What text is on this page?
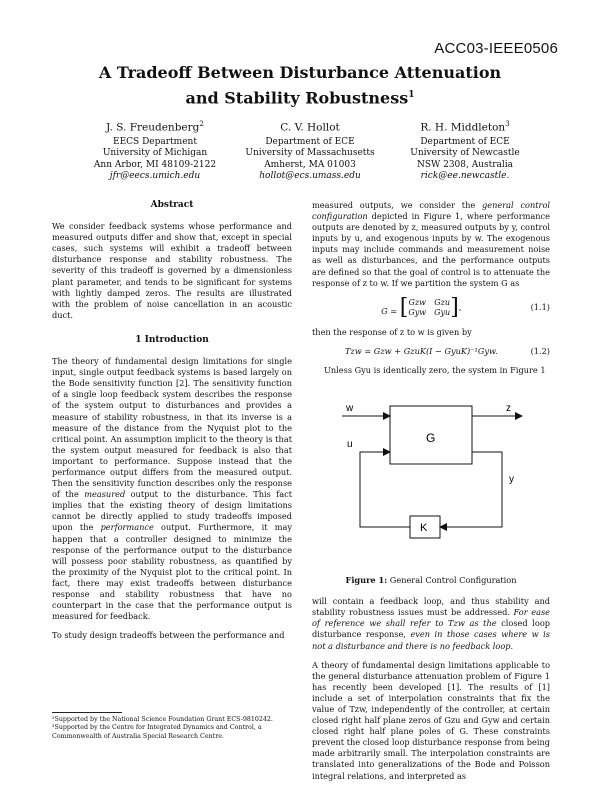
ACC03-IEEE0506
A Tradeoff Between Disturbance Attenuation
and Stability Robustness$^1$
J. S. Freudenberg$^2$
EECS Department
University of Michigan
Ann Arbor, MI 48109-2122
jfr@eecs.umich.edu
C. V. Hollot
Department of ECE
University of Massachusetts
Amherst, MA 01003
hollot@ecs.umass.edu
R. H. Middleton$^3$
Department of ECE
University of Newcastle
NSW 2308, Australia
rick@ee.newcastle.
Abstract

We consider feedback systems whose performance and measured outputs differ and show that, except in special cases, such systems will exhibit a tradeoff between disturbance response and stability robustness. The severity of this tradeoff is governed by a dimensionless plant parameter, and tends to be significant for systems with lightly damped zeros. The results are illustrated with the problem of noise cancellation in an acoustic duct.

1 Introduction

The theory of fundamental design limitations for single input, single output feedback systems is based largely on the Bode sensitivity function [2]. The sensitivity function of a single loop feedback system describes the response of the system output to disturbances and provides a measure of stability robustness, in that its inverse is a measure of the distance from the Nyquist plot to the critical point. An assumption implicit to the theory is that the system output measured for feedback is also that important to performance. Suppose instead that the performance output differs from the measured output. Then the sensitivity function describes only the response of the measured output to the disturbance. This fact implies that the existing theory of design limitations cannot be directly applied to study tradeoffs imposed upon the performance output. Furthermore, it may happen that a controller designed to minimize the response of the performance output to the disturbance will possess poor stability robustness, as quantified by the proximity of the Nyquist plot to the critical point. In fact, there may exist tradeoffs between disturbance response and stability robustness that have no counterpart in the case that the performance output is measured for feedback.

To study design tradeoffs between the performance and

measured outputs, we consider the general control configuration depicted in Figure 1, where performance outputs are denoted by z, measured outputs by y, control inputs by u, and exogenous inputs by w. The exogenous inputs may include commands and measurement noise as well as disturbances, and the performance outputs are defined so that the goal of control is to attenuate the response of z to w. If we partition the system G as

G = [ Gzw Gzu
Gyw Gyu ] ,	(1.1)

then the response of z to w is given by

Tzw = Gzw + GzuK(I − GyuK)⁻¹Gyw.	(1.2)

Unless Gyu is identically zero, the system in Figure 1

w	z
u
y
G
K
Figure 1: General Control Configuration

will contain a feedback loop, and thus stability and stability robustness issues must be addressed. For ease of reference we shall refer to Tzw as the closed loop disturbance response, even in those cases where w is not a disturbance and there is no feedback loop.

A theory of fundamental design limitations applicable to the general disturbance attenuation problem of Figure 1 has recently been developed [1]. The results of [1] include a set of interpolation constraints that fix the value of Tzw, independently of the controller, at certain closed right half plane zeros of Gzu and Gyw and certain closed right half plane poles of G. These constraints prevent the closed loop disturbance response from being made arbitrarily small. The interpolation constraints are translated into generalizations of the Bode and Poisson integral relations, and interpreted as

²Supported by the National Science Foundation Grant ECS-9810242.
³Supported by the Centre for Integrated Dynamics and Control, a Commonwealth of Australia Special Research Centre.
